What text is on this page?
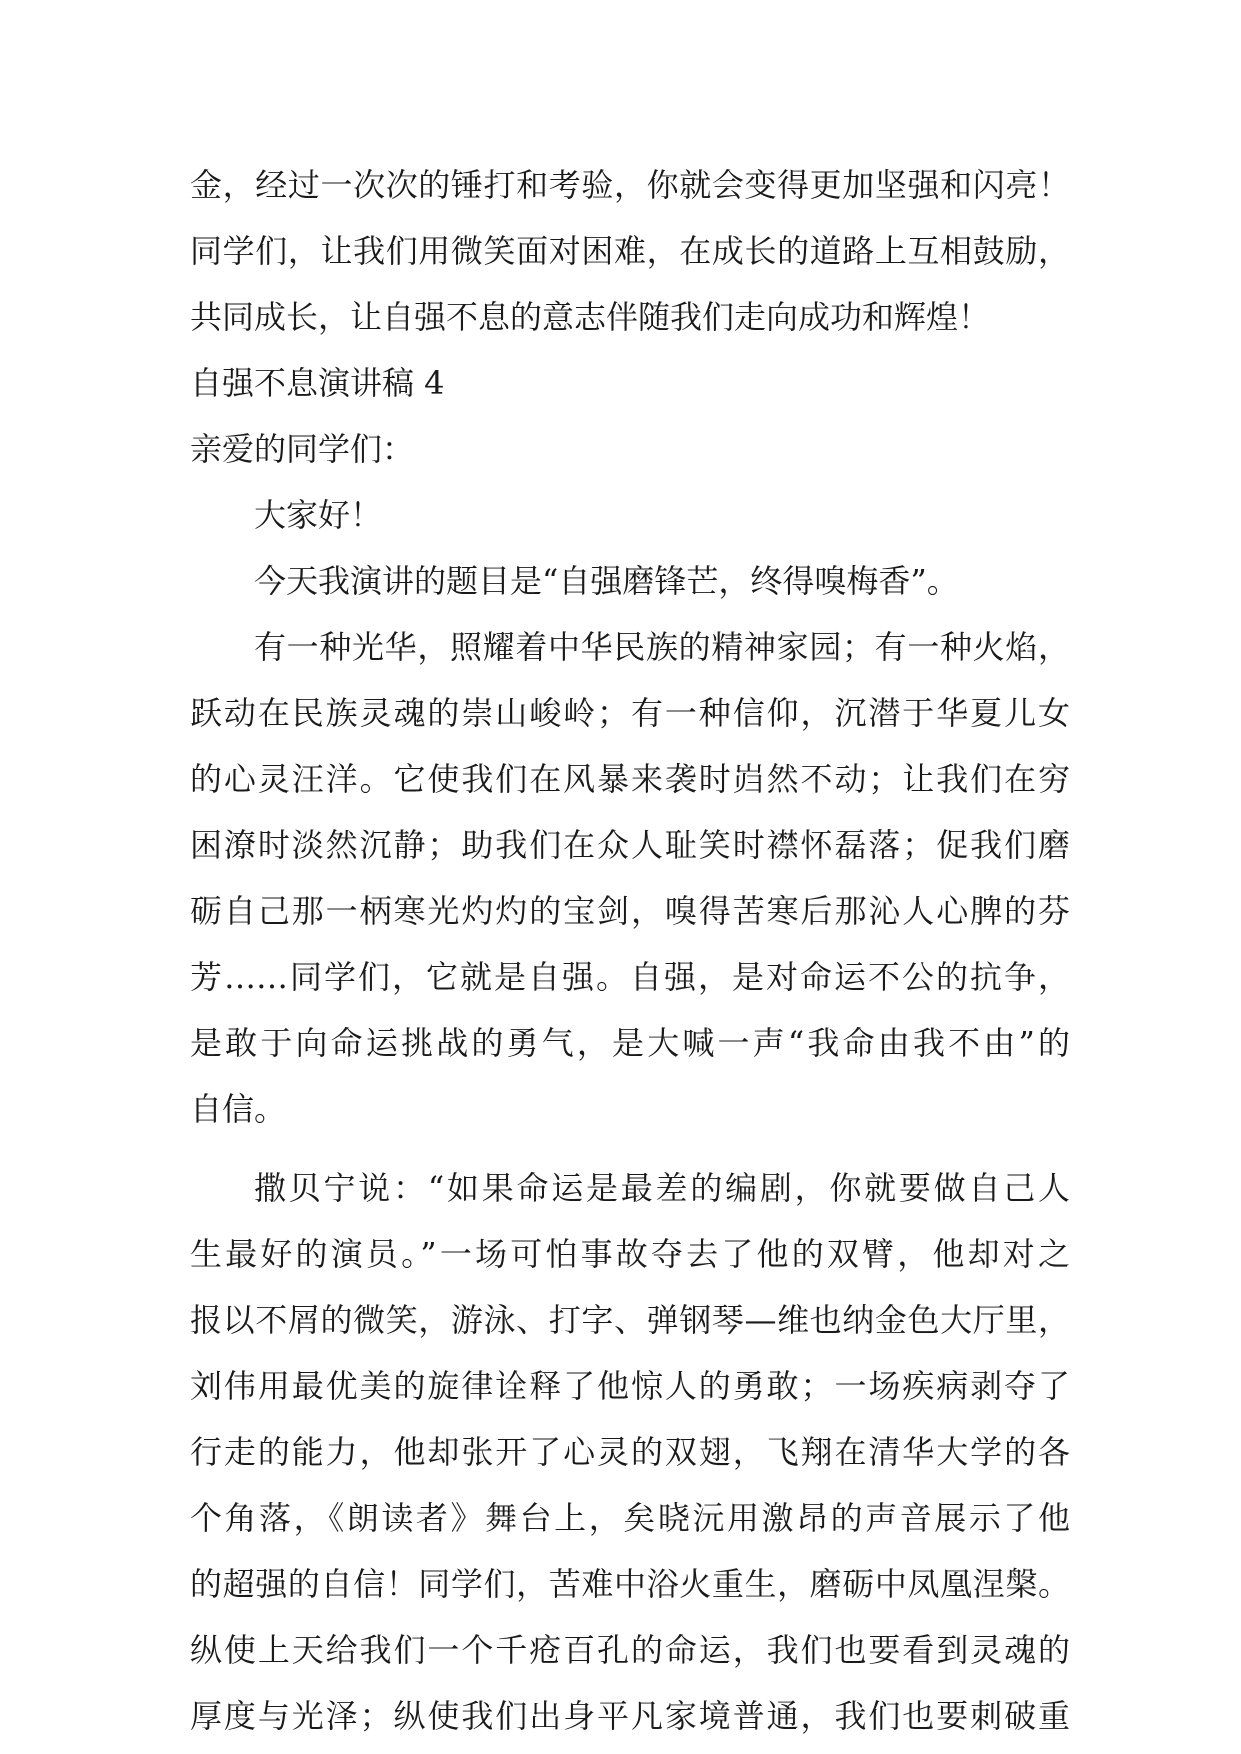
金，经过一次次的锤打和考验，你就会变得更加坚强和闪亮！
同学们，让我们用微笑面对困难，在成长的道路上互相鼓励，
共同成长，让自强不息的意志伴随我们走向成功和辉煌！
自强不息演讲稿 4
亲爱的同学们：
大家好！
今天我演讲的题目是“自强磨锋芒，终得嗅梅香”。
有一种光华，照耀着中华民族的精神家园；有一种火焰，
跃动在民族灵魂的崇山峻岭；有一种信仰，沉潜于华夏儿女
的心灵汪洋。它使我们在风暴来袭时岿然不动；让我们在穷
困潦时淡然沉静；助我们在众人耻笑时襟怀磊落；促我们磨
砺自己那一柄寒光灼灼的宝剑，嗅得苦寒后那沁人心脾的芬
芳……同学们，它就是自强。自强，是对命运不公的抗争，
是敢于向命运挑战的勇气，是大喊一声“我命由我不由”的
自信。
撒贝宁说：“如果命运是最差的编剧，你就要做自己人
生最好的演员。”一场可怕事故夺去了他的双臂，他却对之
报以不屑的微笑，游泳、打字、弹钢琴—维也纳金色大厅里，
刘伟用最优美的旋律诠释了他惊人的勇敢；一场疾病剥夺了
行走的能力，他却张开了心灵的双翅，飞翔在清华大学的各
个角落，《朗读者》舞台上，矣晓沅用激昂的声音展示了他
的超强的自信！同学们，苦难中浴火重生，磨砺中凤凰涅槃。
纵使上天给我们一个千疮百孔的命运，我们也要看到灵魂的
厚度与光泽；纵使我们出身平凡家境普通，我们也要刺破重
